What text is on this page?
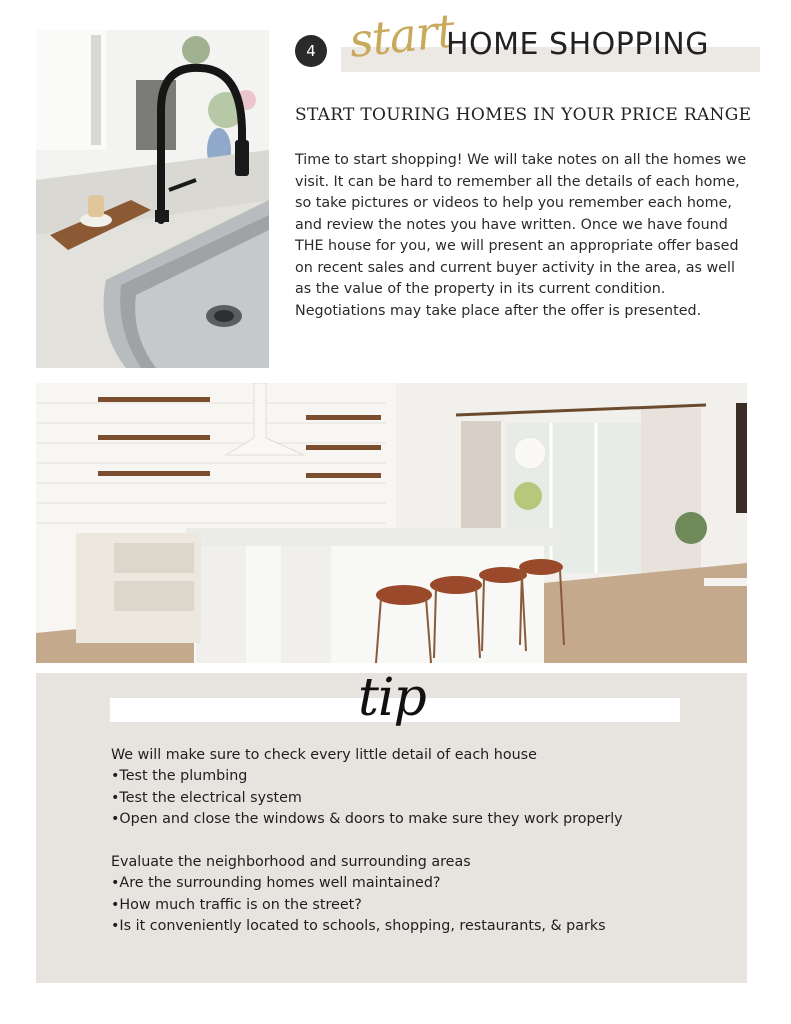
4 start
HOME SHOPPING
START TOURING HOMES IN YOUR PRICE RANGE

Time to start shopping! We will take notes on all the homes we visit. It can be hard to remember all the details of each home, so take pictures or videos to help you remember each home, and review the notes you have written. Once we have found THE house for you, we will present an appropriate offer based on recent sales and current buyer activity in the area, as well as the value of the property in its current condition. Negotiations may take place after the offer is presented.

tip
We will make sure to check every little detail of each house
•Test the plumbing
•Test the electrical system
•Open and close the windows & doors to make sure they work properly
Evaluate the neighborhood and surrounding areas
•Are the surrounding homes well maintained?
•How much traffic is on the street?
•Is it conveniently located to schools, shopping, restaurants, & parks
